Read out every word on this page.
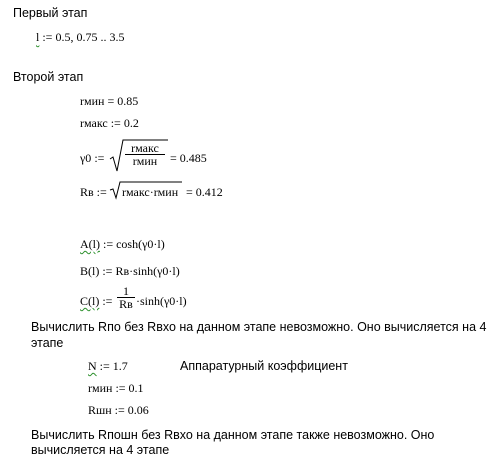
Первый этап
l := 0.5, 0.75 .. 3.5
Второй этап
rмин = 0.85
rмакс := 0.2
γ0 :=
rмакс
rмин	= 0.485
Rв := rмакс·rмин = 0.412
A(l) := cosh(γ0·l)
B(l) := Rв·sinh(γ0·l)
C(l) :=
1
Rв ·sinh(γ0·l)
Вычислить Rпо без Rвхо на данном этапе невозможно. Оно вычисляется на 4
этапе
N := 1.7	Аппаратурный коэффициент
rмин := 0.1
Rшн := 0.06
Вычислить Rпошн без Rвхо на данном этапе также невозможно. Оно
вычисляется на 4 этапе
